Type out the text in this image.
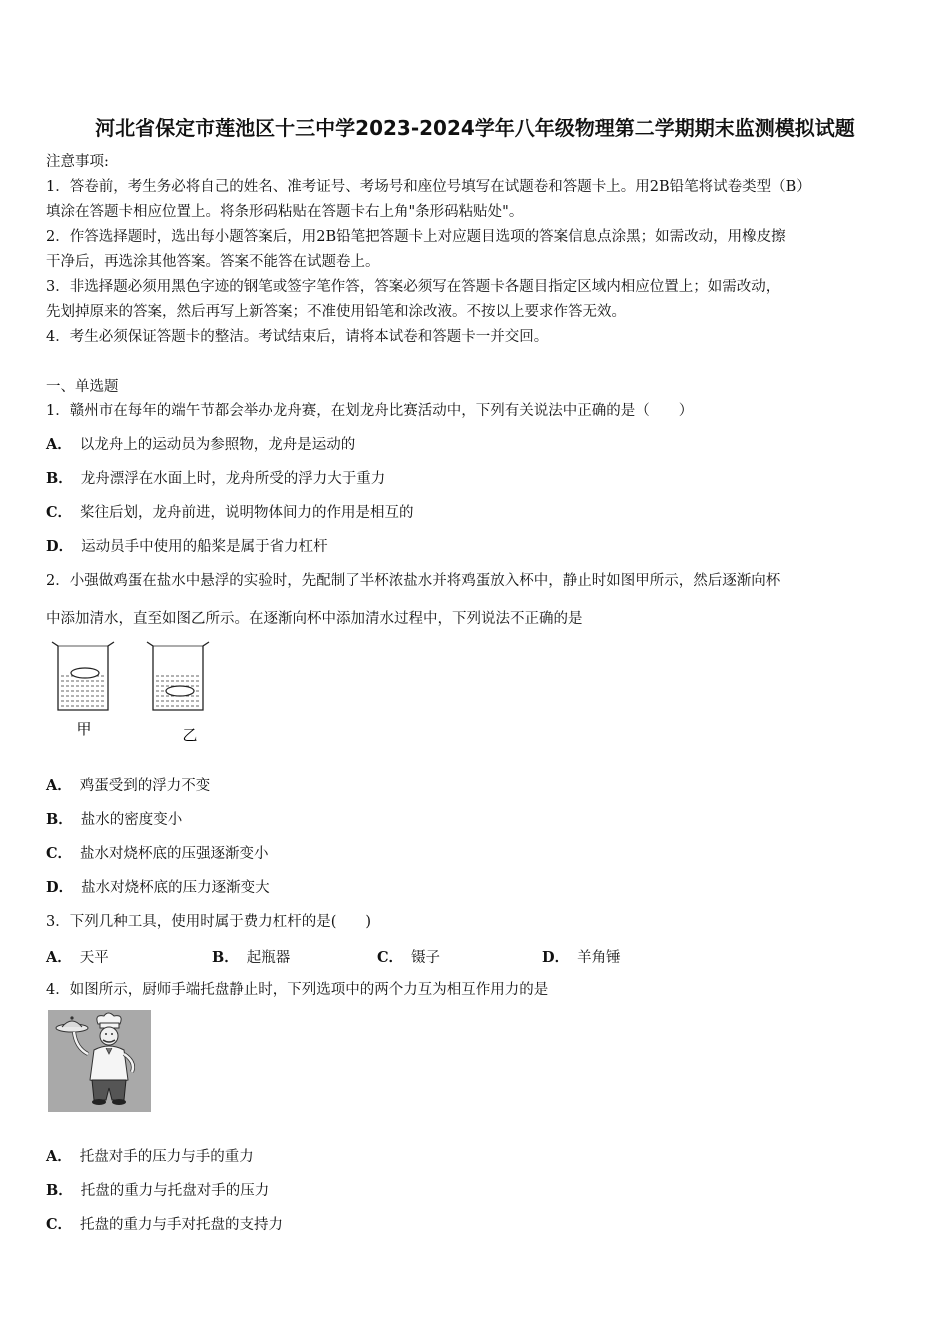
河北省保定市莲池区十三中学2023-2024学年八年级物理第二学期期末监测模拟试题
注意事项:
1．答卷前，考生务必将自己的姓名、准考证号、考场号和座位号填写在试题卷和答题卡上。用2B铅笔将试卷类型（B）
填涂在答题卡相应位置上。将条形码粘贴在答题卡右上角"条形码粘贴处"。
2．作答选择题时，选出每小题答案后，用2B铅笔把答题卡上对应题目选项的答案信息点涂黑；如需改动，用橡皮擦
干净后，再选涂其他答案。答案不能答在试题卷上。
3．非选择题必须用黑色字迹的钢笔或签字笔作答，答案必须写在答题卡各题目指定区域内相应位置上；如需改动，
先划掉原来的答案，然后再写上新答案；不准使用铅笔和涂改液。不按以上要求作答无效。
4．考生必须保证答题卡的整洁。考试结束后，请将本试卷和答题卡一并交回。
一、单选题
1．赣州市在每年的端午节都会举办龙舟赛，在划龙舟比赛活动中，下列有关说法中正确的是（　　）
A． 以龙舟上的运动员为参照物，龙舟是运动的
B． 龙舟漂浮在水面上时，龙舟所受的浮力大于重力
C． 桨往后划，龙舟前进，说明物体间力的作用是相互的
D． 运动员手中使用的船桨是属于省力杠杆
2．小强做鸡蛋在盐水中悬浮的实验时，先配制了半杯浓盐水并将鸡蛋放入杯中，静止时如图甲所示，然后逐渐向杯
中添加清水，直至如图乙所示。在逐渐向杯中添加清水过程中，下列说法不正确的是
甲	乙
A． 鸡蛋受到的浮力不变
B． 盐水的密度变小
C． 盐水对烧杯底的压强逐渐变小
D． 盐水对烧杯底的压力逐渐变大
3．下列几种工具，使用时属于费力杠杆的是(　　)
A． 天平	B． 起瓶器	C． 镊子	D． 羊角锤
4．如图所示，厨师手端托盘静止时，下列选项中的两个力互为相互作用力的是
A． 托盘对手的压力与手的重力
B． 托盘的重力与托盘对手的压力
C． 托盘的重力与手对托盘的支持力
